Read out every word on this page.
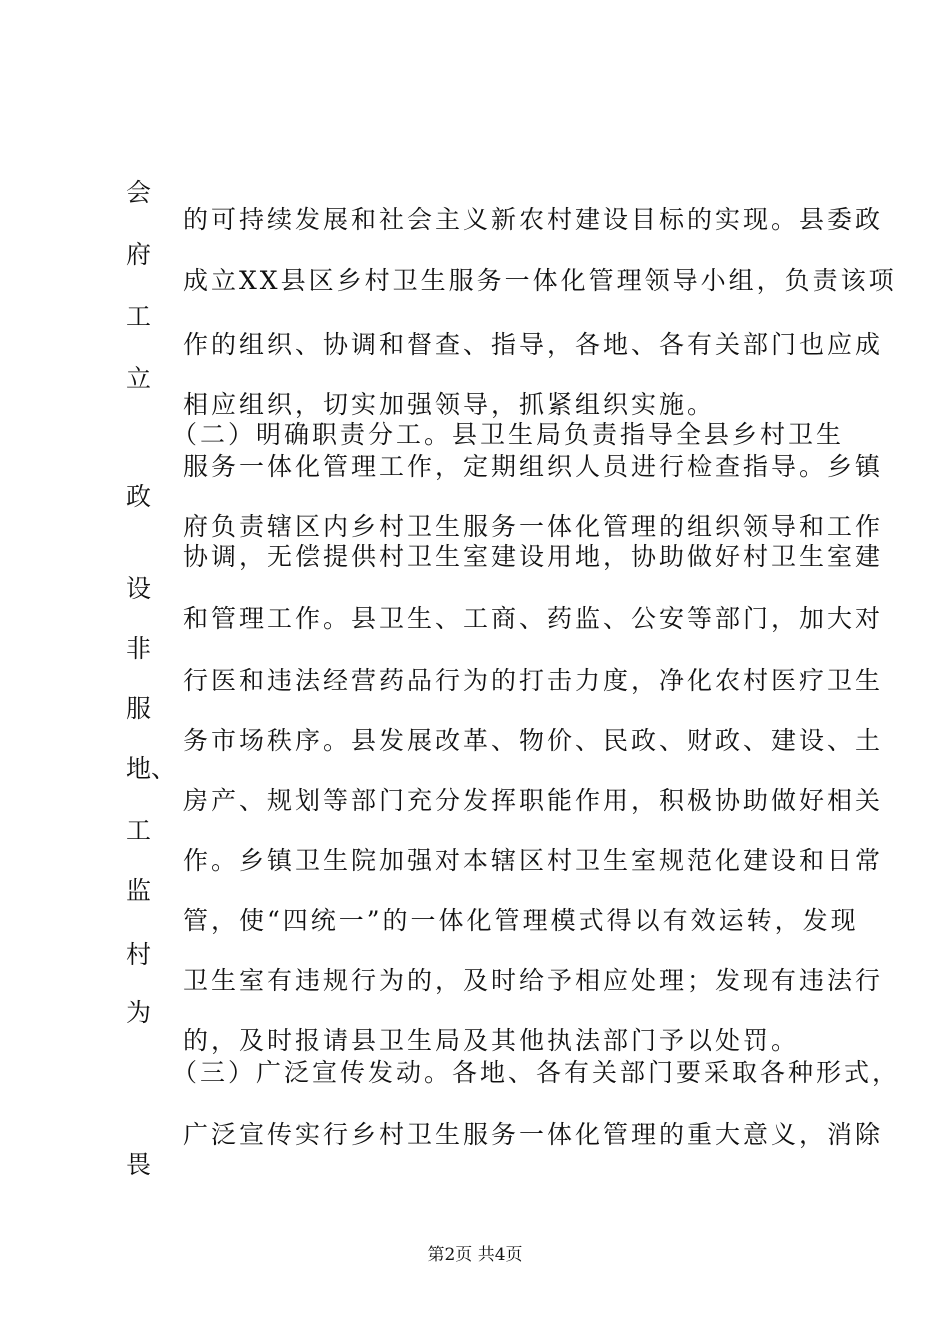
会
府
工
立
政
设
非
服
地、
工
监
村
为
畏
的可持续发展和社会主义新农村建设目标的实现。县委政
成立XX县区乡村卫生服务一体化管理领导小组，负责该项
作的组织、协调和督查、指导，各地、各有关部门也应成
相应组织，切实加强领导，抓紧组织实施。
（二）明确职责分工。县卫生局负责指导全县乡村卫生
服务一体化管理工作，定期组织人员进行检查指导。乡镇
府负责辖区内乡村卫生服务一体化管理的组织领导和工作
协调，无偿提供村卫生室建设用地，协助做好村卫生室建
和管理工作。县卫生、工商、药监、公安等部门，加大对
行医和违法经营药品行为的打击力度，净化农村医疗卫生
务市场秩序。县发展改革、物价、民政、财政、建设、土
房产、规划等部门充分发挥职能作用，积极协助做好相关
作。乡镇卫生院加强对本辖区村卫生室规范化建设和日常
管，使“四统一”的一体化管理模式得以有效运转，发现
卫生室有违规行为的，及时给予相应处理；发现有违法行
的，及时报请县卫生局及其他执法部门予以处罚。
（三）广泛宣传发动。各地、各有关部门要采取各种形式，
广泛宣传实行乡村卫生服务一体化管理的重大意义，消除
第2页 共4页
